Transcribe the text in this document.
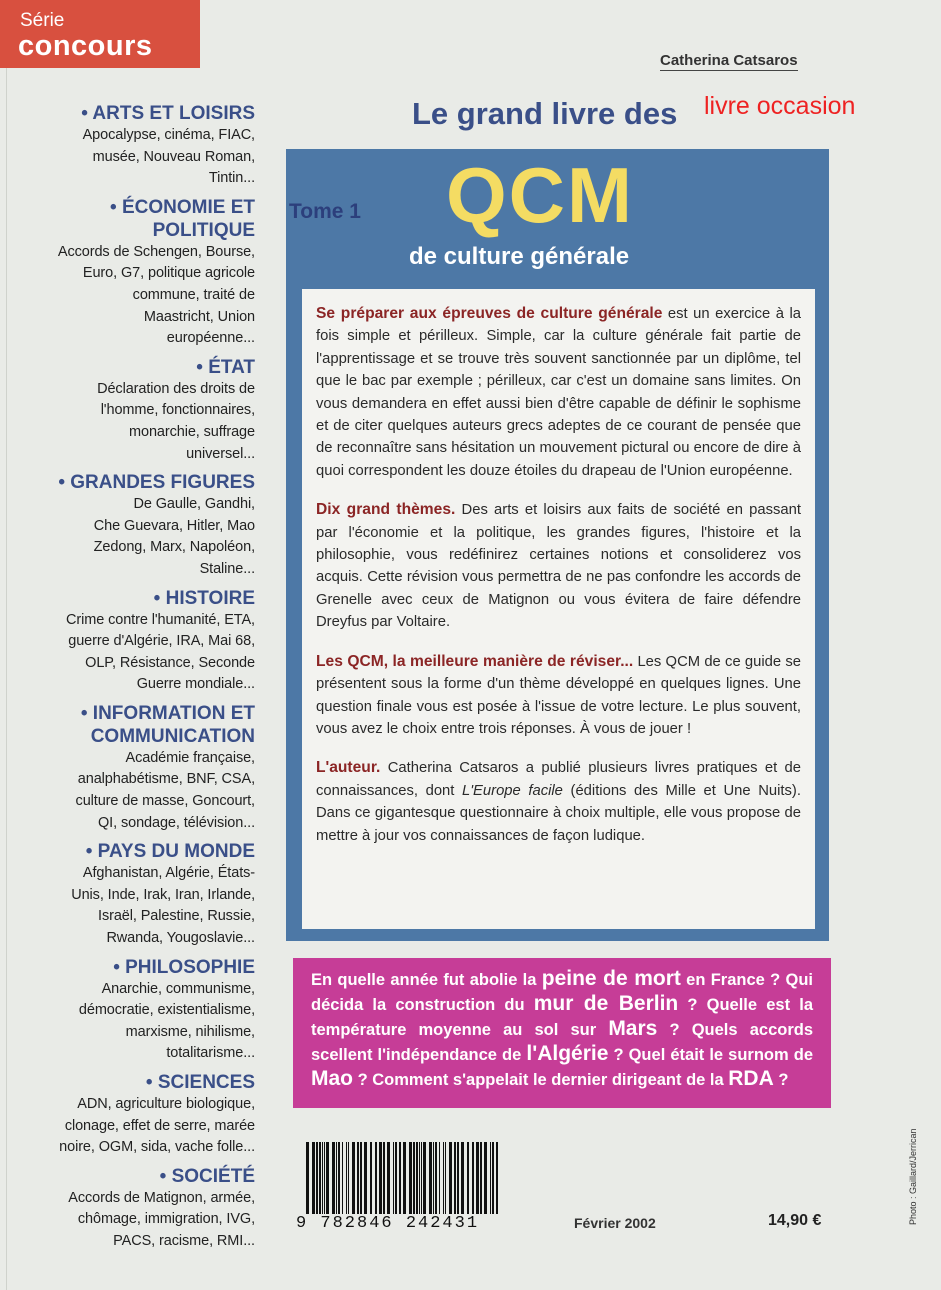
Série
concours	Catherina Catsaros
Le grand livre des livre occasion
• ARTS ET LOISIRS
Apocalypse, cinéma, FIAC,
musée, Nouveau Roman,
Tintin...
• ÉCONOMIE ET
POLITIQUE
Accords de Schengen, Bourse,
Euro, G7, politique agricole
commune, traité de
Maastricht, Union
européenne...
• ÉTAT
Déclaration des droits de
l'homme, fonctionnaires,
monarchie, suffrage
universel...
• GRANDES FIGURES
De Gaulle, Gandhi,
Che Guevara, Hitler, Mao
Zedong, Marx, Napoléon,
Staline...
• HISTOIRE
Crime contre l'humanité, ETA,
guerre d'Algérie, IRA, Mai 68,
OLP, Résistance, Seconde
Guerre mondiale...
• INFORMATION ET
COMMUNICATION
Académie française,
analphabétisme, BNF, CSA,
culture de masse, Goncourt,
QI, sondage, télévision...
• PAYS DU MONDE
Afghanistan, Algérie, États-
Unis, Inde, Irak, Iran, Irlande,
Israël, Palestine, Russie,
Rwanda, Yougoslavie...
• PHILOSOPHIE
Anarchie, communisme,
démocratie, existentialisme,
marxisme, nihilisme,
totalitarisme...
• SCIENCES
ADN, agriculture biologique,
clonage, effet de serre, marée
noire, OGM, sida, vache folle...
• SOCIÉTÉ
Accords de Matignon, armée,
chômage, immigration, IVG,
PACS, racisme, RMI...
Tome 1 QCM
de culture générale

Se préparer aux épreuves de culture générale est un exercice à la fois simple et périlleux. Simple, car la culture générale fait partie de l'apprentissage et se trouve très souvent sanctionnée par un diplôme, tel que le bac par exemple ; périlleux, car c'est un domaine sans limites. On vous demandera en effet aussi bien d'être capable de définir le sophisme et de citer quelques auteurs grecs adeptes de ce courant de pensée que de reconnaître sans hésitation un mouvement pictural ou encore de dire à quoi correspondent les douze étoiles du drapeau de l'Union européenne.

Dix grand thèmes. Des arts et loisirs aux faits de société en passant par l'économie et la politique, les grandes figures, l'histoire et la philosophie, vous redéfinirez certaines notions et consoliderez vos acquis. Cette révision vous permettra de ne pas confondre les accords de Grenelle avec ceux de Matignon ou vous évitera de faire défendre Dreyfus par Voltaire.

Les QCM, la meilleure manière de réviser... Les QCM de ce guide se présentent sous la forme d'un thème développé en quelques lignes. Une question finale vous est posée à l'issue de votre lecture. Le plus souvent, vous avez le choix entre trois réponses. À vous de jouer !

L'auteur. Catherina Catsaros a publié plusieurs livres pratiques et de connaissances, dont L'Europe facile (éditions des Mille et Une Nuits). Dans ce gigantesque questionnaire à choix multiple, elle vous propose de mettre à jour vos connaissances de façon ludique.

En quelle année fut abolie la peine de mort en France ? Qui décida la construction du mur de Berlin ? Quelle est la température moyenne au sol sur Mars ? Quels accords scellent l'indépendance de l'Algérie ? Quel était le surnom de Mao ? Comment s'appelait le dernier dirigeant de la RDA ?
9 782846 242431	Février 2002	14,90 €	Photo : Gaillard/Jerrican
